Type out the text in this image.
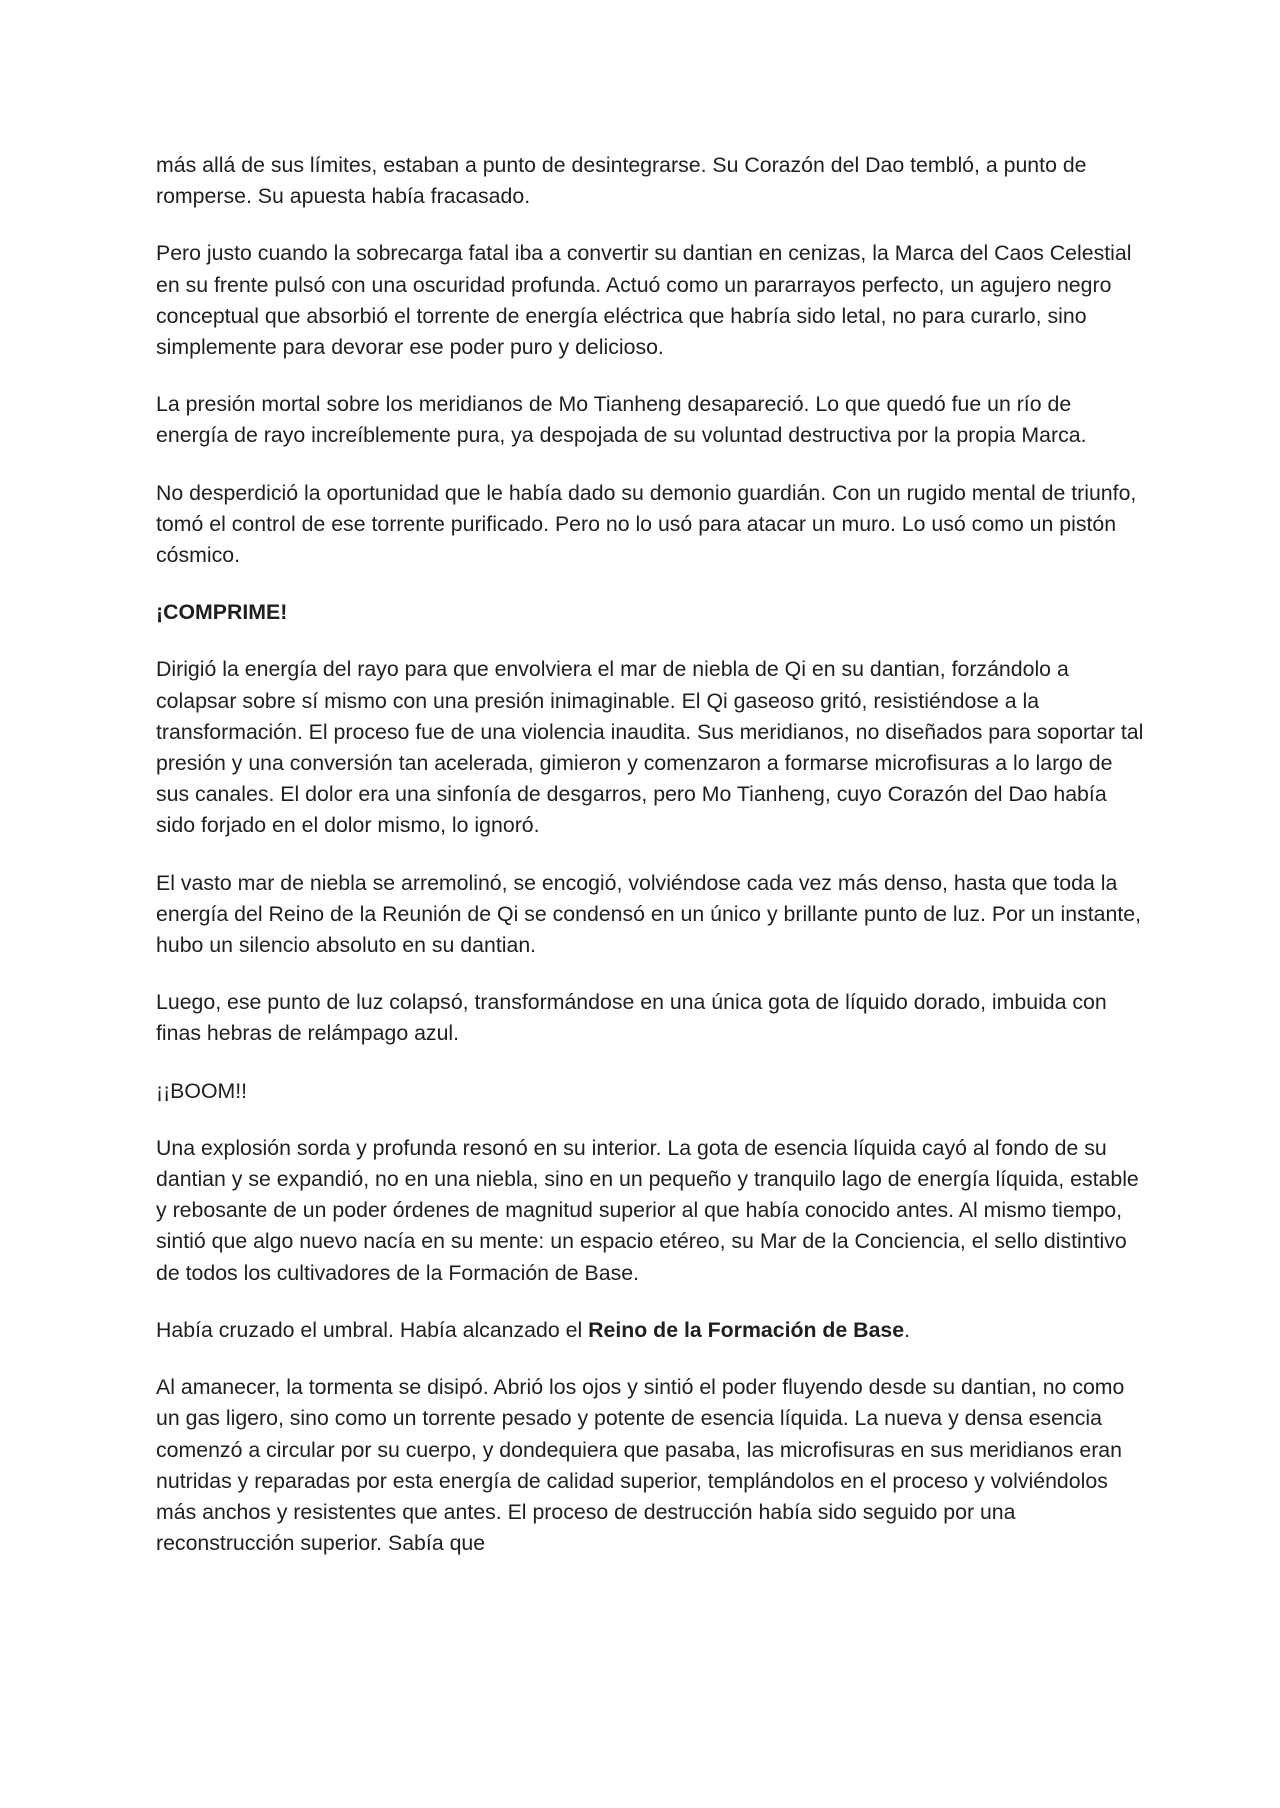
más allá de sus límites, estaban a punto de desintegrarse. Su Corazón del Dao tembló, a punto de romperse. Su apuesta había fracasado.

Pero justo cuando la sobrecarga fatal iba a convertir su dantian en cenizas, la Marca del Caos Celestial en su frente pulsó con una oscuridad profunda. Actuó como un pararrayos perfecto, un agujero negro conceptual que absorbió el torrente de energía eléctrica que habría sido letal, no para curarlo, sino simplemente para devorar ese poder puro y delicioso.

La presión mortal sobre los meridianos de Mo Tianheng desapareció. Lo que quedó fue un río de energía de rayo increíblemente pura, ya despojada de su voluntad destructiva por la propia Marca.

No desperdició la oportunidad que le había dado su demonio guardián. Con un rugido mental de triunfo, tomó el control de ese torrente purificado. Pero no lo usó para atacar un muro. Lo usó como un pistón cósmico.

¡COMPRIME!

Dirigió la energía del rayo para que envolviera el mar de niebla de Qi en su dantian, forzándolo a colapsar sobre sí mismo con una presión inimaginable. El Qi gaseoso gritó, resistiéndose a la transformación. El proceso fue de una violencia inaudita. Sus meridianos, no diseñados para soportar tal presión y una conversión tan acelerada, gimieron y comenzaron a formarse microfisuras a lo largo de sus canales. El dolor era una sinfonía de desgarros, pero Mo Tianheng, cuyo Corazón del Dao había sido forjado en el dolor mismo, lo ignoró.

El vasto mar de niebla se arremolinó, se encogió, volviéndose cada vez más denso, hasta que toda la energía del Reino de la Reunión de Qi se condensó en un único y brillante punto de luz. Por un instante, hubo un silencio absoluto en su dantian.

Luego, ese punto de luz colapsó, transformándose en una única gota de líquido dorado, imbuida con finas hebras de relámpago azul.

¡¡BOOM!!

Una explosión sorda y profunda resonó en su interior. La gota de esencia líquida cayó al fondo de su dantian y se expandió, no en una niebla, sino en un pequeño y tranquilo lago de energía líquida, estable y rebosante de un poder órdenes de magnitud superior al que había conocido antes. Al mismo tiempo, sintió que algo nuevo nacía en su mente: un espacio etéreo, su Mar de la Conciencia, el sello distintivo de todos los cultivadores de la Formación de Base.

Había cruzado el umbral. Había alcanzado el Reino de la Formación de Base.

Al amanecer, la tormenta se disipó. Abrió los ojos y sintió el poder fluyendo desde su dantian, no como un gas ligero, sino como un torrente pesado y potente de esencia líquida. La nueva y densa esencia comenzó a circular por su cuerpo, y dondequiera que pasaba, las microfisuras en sus meridianos eran nutridas y reparadas por esta energía de calidad superior, templándolos en el proceso y volviéndolos más anchos y resistentes que antes. El proceso de destrucción había sido seguido por una reconstrucción superior. Sabía que
